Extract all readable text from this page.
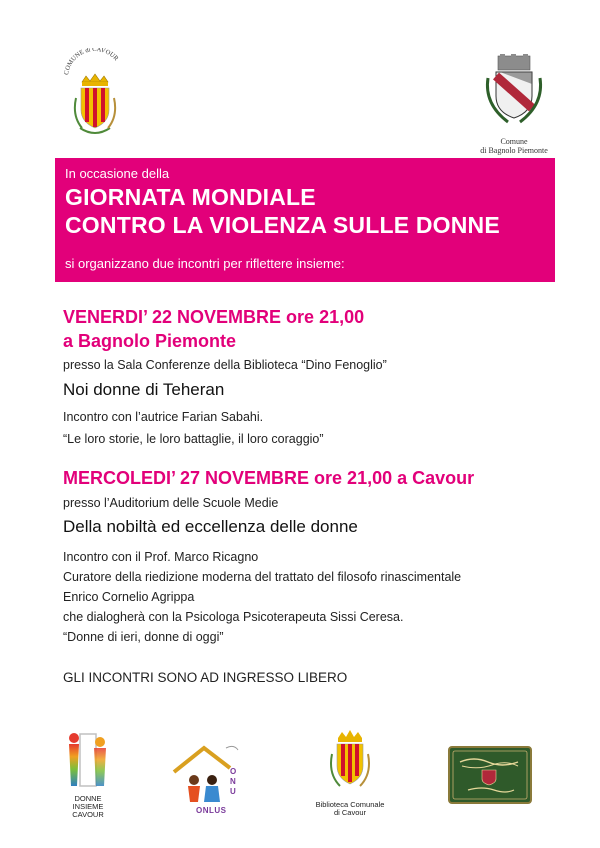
COMUNE di CAVOUR
Comune
di Bagnolo Piemonte
In occasione della
GIORNATA MONDIALE
CONTRO LA VIOLENZA SULLE DONNE
si organizzano due incontri per riflettere insieme:
VENERDI’ 22 NOVEMBRE ore 21,00
a Bagnolo Piemonte
presso la Sala Conferenze della Biblioteca “Dino Fenoglio”
Noi donne di Teheran
Incontro con l’autrice Farian Sabahi.
“Le loro storie, le loro battaglie, il loro coraggio”
MERCOLEDI’ 27 NOVEMBRE ore 21,00 a Cavour
presso l’Auditorium delle Scuole Medie
Della nobiltà ed eccellenza delle donne
Incontro con il Prof. Marco Ricagno
Curatore della riedizione moderna del trattato del filosofo rinascimentale
Enrico Cornelio Agrippa
che dialogherà con la Psicologa Psicoterapeuta Sissi Ceresa.
“Donne di ieri, donne di oggi”
GLI INCONTRI SONO AD INGRESSO LIBERO
DONNE
INSIEME
CAVOUR
O
N
U
ONLUS
Biblioteca Comunale
di Cavour
